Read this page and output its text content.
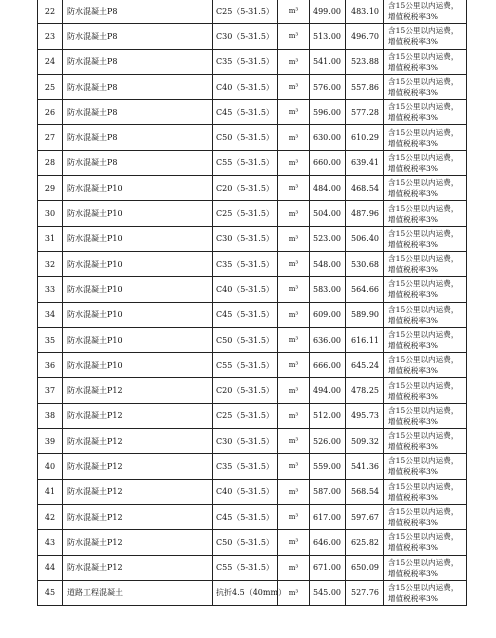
22	防水混凝土P8	C25（5-31.5）	m³	499.00	483.10	含15公里以内运费，
增值税税率3%

23	防水混凝土P8	C30（5-31.5）	m³	513.00	496.70	含15公里以内运费，
增值税税率3%

24	防水混凝土P8	C35（5-31.5）	m³	541.00	523.88	含15公里以内运费，
增值税税率3%

25	防水混凝土P8	C40（5-31.5）	m³	576.00	557.86	含15公里以内运费，
增值税税率3%

26	防水混凝土P8	C45（5-31.5）	m³	596.00	577.28	含15公里以内运费，
增值税税率3%

27	防水混凝土P8	C50（5-31.5）	m³	630.00	610.29	含15公里以内运费，
增值税税率3%

28	防水混凝土P8	C55（5-31.5）	m³	660.00	639.41	含15公里以内运费，
增值税税率3%

29	防水混凝土P10	C20（5-31.5）	m³	484.00	468.54	含15公里以内运费，
增值税税率3%

30	防水混凝土P10	C25（5-31.5）	m³	504.00	487.96	含15公里以内运费，
增值税税率3%

31	防水混凝土P10	C30（5-31.5）	m³	523.00	506.40	含15公里以内运费，
增值税税率3%

32	防水混凝土P10	C35（5-31.5）	m³	548.00	530.68	含15公里以内运费，
增值税税率3%

33	防水混凝土P10	C40（5-31.5）	m³	583.00	564.66	含15公里以内运费，
增值税税率3%

34	防水混凝土P10	C45（5-31.5）	m³	609.00	589.90	含15公里以内运费，
增值税税率3%

35	防水混凝土P10	C50（5-31.5）	m³	636.00	616.11	含15公里以内运费，
增值税税率3%

36	防水混凝土P10	C55（5-31.5）	m³	666.00	645.24	含15公里以内运费，
增值税税率3%

37	防水混凝土P12	C20（5-31.5）	m³	494.00	478.25	含15公里以内运费，
增值税税率3%

38	防水混凝土P12	C25（5-31.5）	m³	512.00	495.73	含15公里以内运费，
增值税税率3%

39	防水混凝土P12	C30（5-31.5）	m³	526.00	509.32	含15公里以内运费，
增值税税率3%

40	防水混凝土P12	C35（5-31.5）	m³	559.00	541.36	含15公里以内运费，
增值税税率3%

41	防水混凝土P12	C40（5-31.5）	m³	587.00	568.54	含15公里以内运费，
增值税税率3%

42	防水混凝土P12	C45（5-31.5）	m³	617.00	597.67	含15公里以内运费，
增值税税率3%

43	防水混凝土P12	C50（5-31.5）	m³	646.00	625.82	含15公里以内运费，
增值税税率3%

44	防水混凝土P12	C55（5-31.5）	m³	671.00	650.09	含15公里以内运费，
增值税税率3%

45	道路工程混凝土	抗折4.5（40mm）	m³	545.00	527.76	含15公里以内运费，
增值税税率3%
